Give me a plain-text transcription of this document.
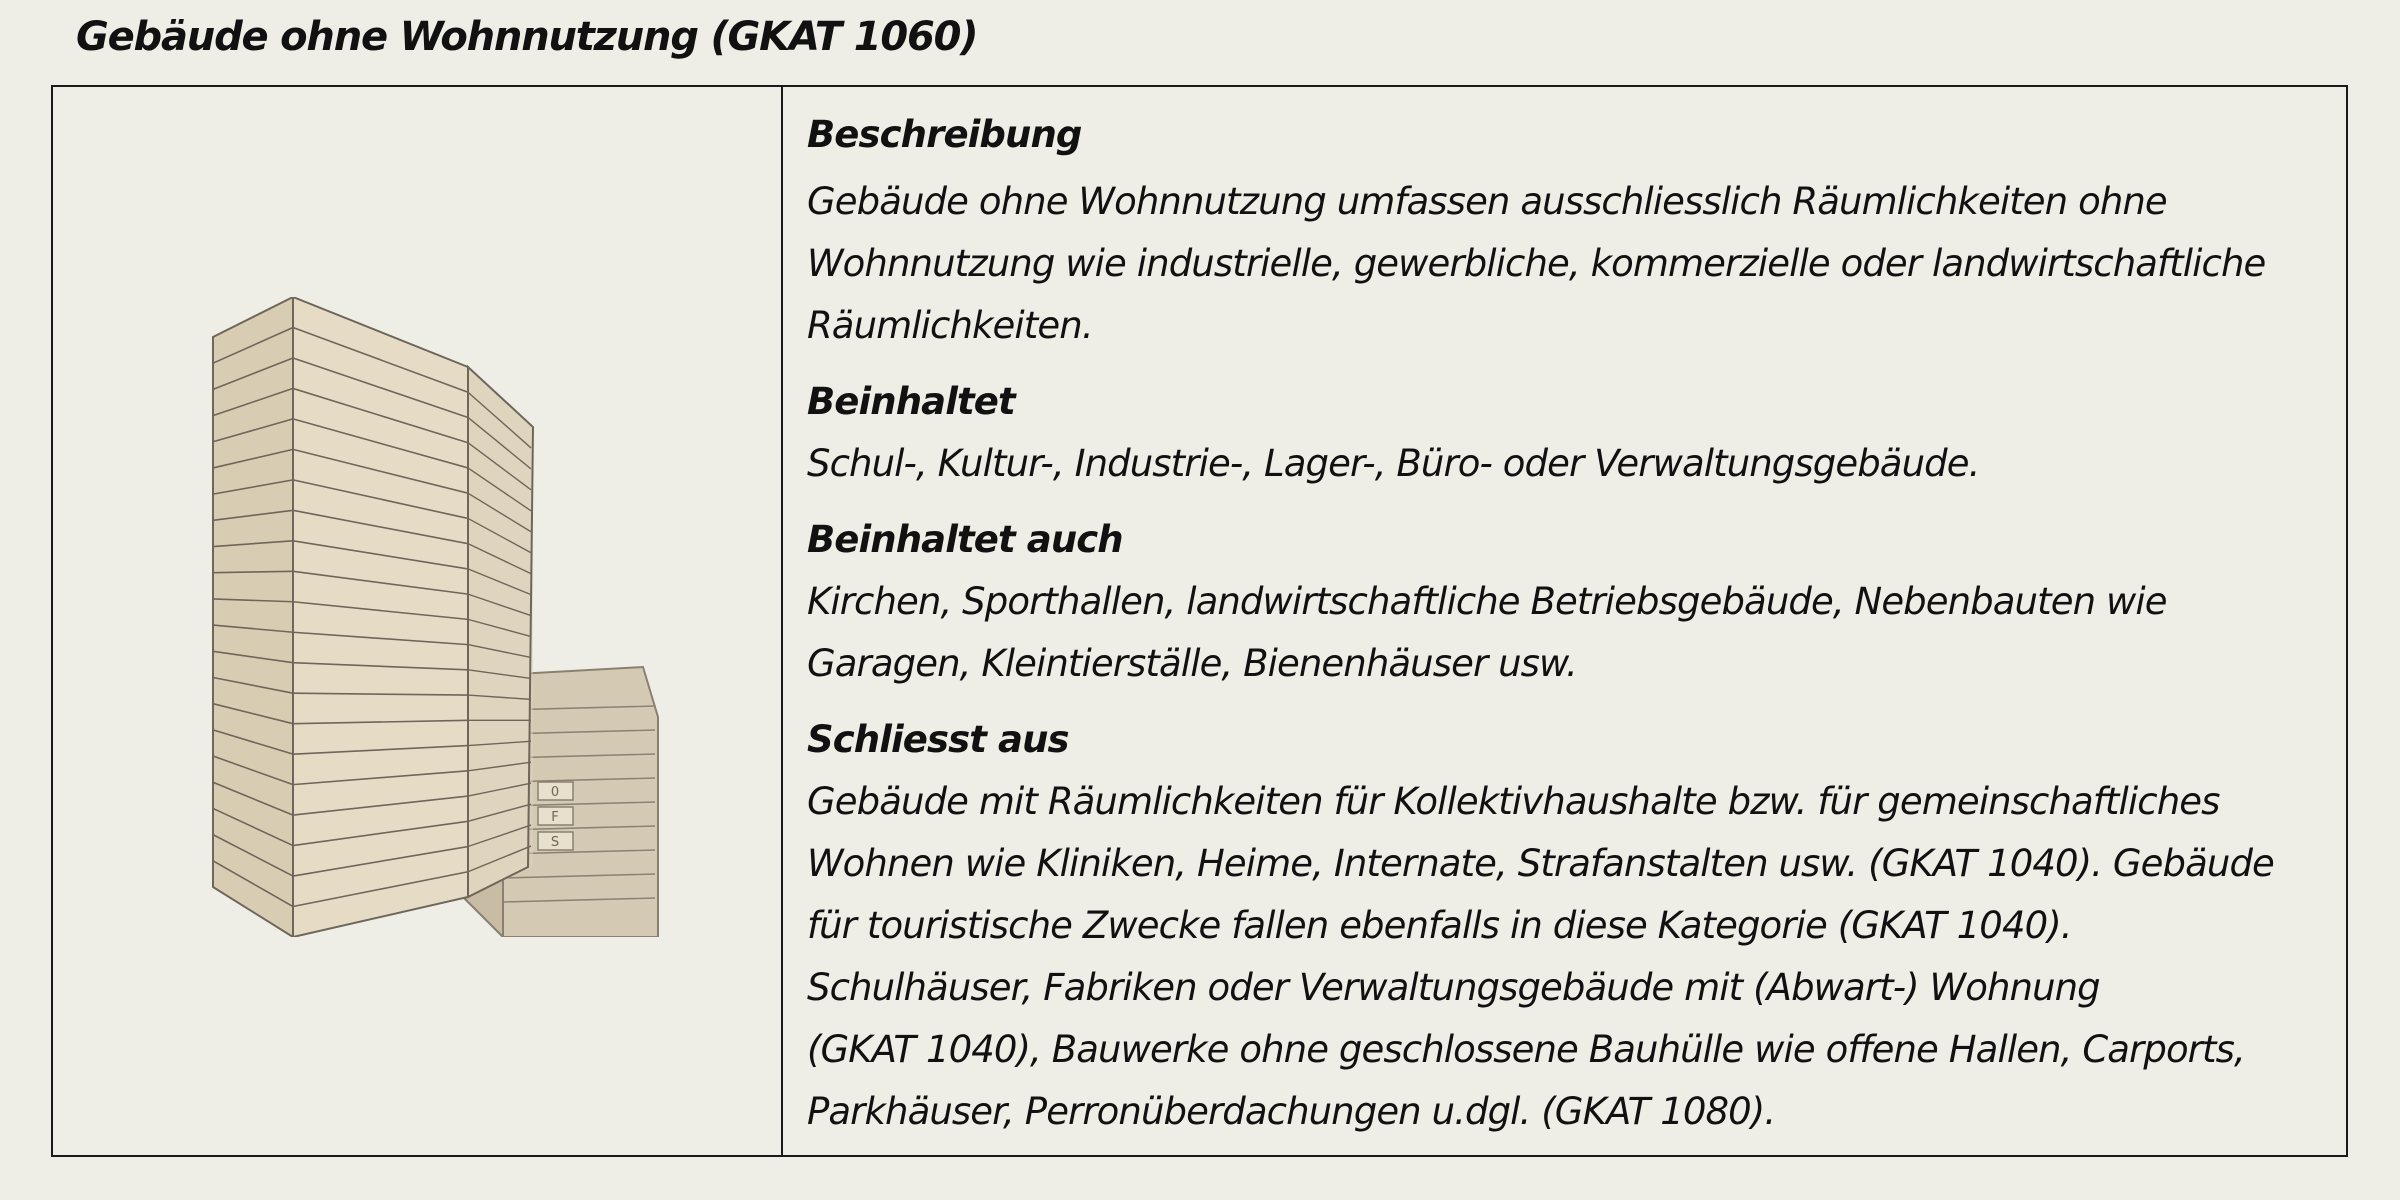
Gebäude ohne Wohnnutzung (GKAT 1060)
0
F
S
Beschreibung
Gebäude ohne Wohnnutzung umfassen ausschliesslich Räumlichkeiten ohne
Wohnnutzung wie industrielle, gewerbliche, kommerzielle oder landwirtschaftliche
Räumlichkeiten.
Beinhaltet
Schul-, Kultur-, Industrie-, Lager-, Büro- oder Verwaltungsgebäude.
Beinhaltet auch
Kirchen, Sporthallen, landwirtschaftliche Betriebsgebäude, Nebenbauten wie
Garagen, Kleintierställe, Bienenhäuser usw.
Schliesst aus
Gebäude mit Räumlichkeiten für Kollektivhaushalte bzw. für gemeinschaftliches
Wohnen wie Kliniken, Heime, Internate, Strafanstalten usw. (GKAT 1040). Gebäude
für touristische Zwecke fallen ebenfalls in diese Kategorie (GKAT 1040).
Schulhäuser, Fabriken oder Verwaltungsgebäude mit (Abwart-) Wohnung
(GKAT 1040), Bauwerke ohne geschlossene Bauhülle wie offene Hallen, Carports,
Parkhäuser, Perronüberdachungen u.dgl. (GKAT 1080).
